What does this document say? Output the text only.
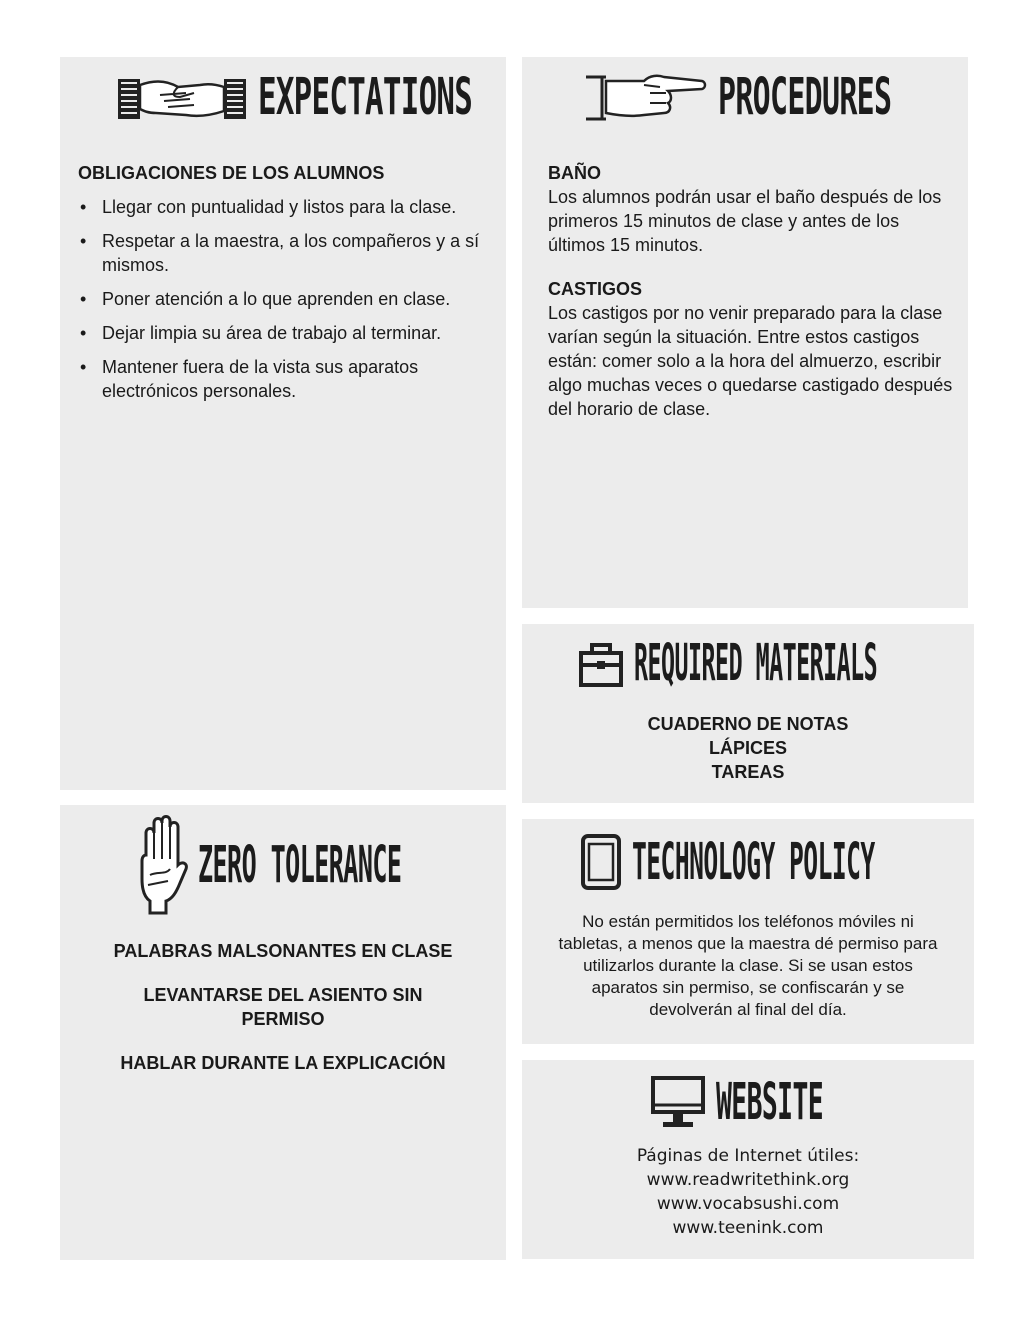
EXPECTATIONS
OBLIGACIONES DE LOS ALUMNOS
• Llegar con puntualidad y listos para la clase.
• Respetar a la maestra, a los compañeros y a sí mismos.
• Poner atención a lo que aprenden en clase.
• Dejar limpia su área de trabajo al terminar.
• Mantener fuera de la vista sus aparatos electrónicos personales.
PROCEDURES
BAÑO
Los alumnos podrán usar el baño después de los primeros 15 minutos de clase y antes de los últimos 15 minutos.
CASTIGOS
Los castigos por no venir preparado para la clase varían según la situación. Entre estos castigos están: comer solo a la hora del almuerzo, escribir algo muchas veces o quedarse castigado después del horario de clase.
REQUIRED MATERIALS
CUADERNO DE NOTAS
LÁPICES
TAREAS
ZERO TOLERANCE
PALABRAS MALSONANTES EN CLASE
LEVANTARSE DEL ASIENTO SIN PERMISO
HABLAR DURANTE LA EXPLICACIÓN
TECHNOLOGY POLICY
No están permitidos los teléfonos móviles ni tabletas, a menos que la maestra dé permiso para utilizarlos durante la clase. Si se usan estos aparatos sin permiso, se confiscarán y se devolverán al final del día.
WEBSITE
Páginas de Internet útiles:
www.readwritethink.org
www.vocabsushi.com
www.teenink.com
